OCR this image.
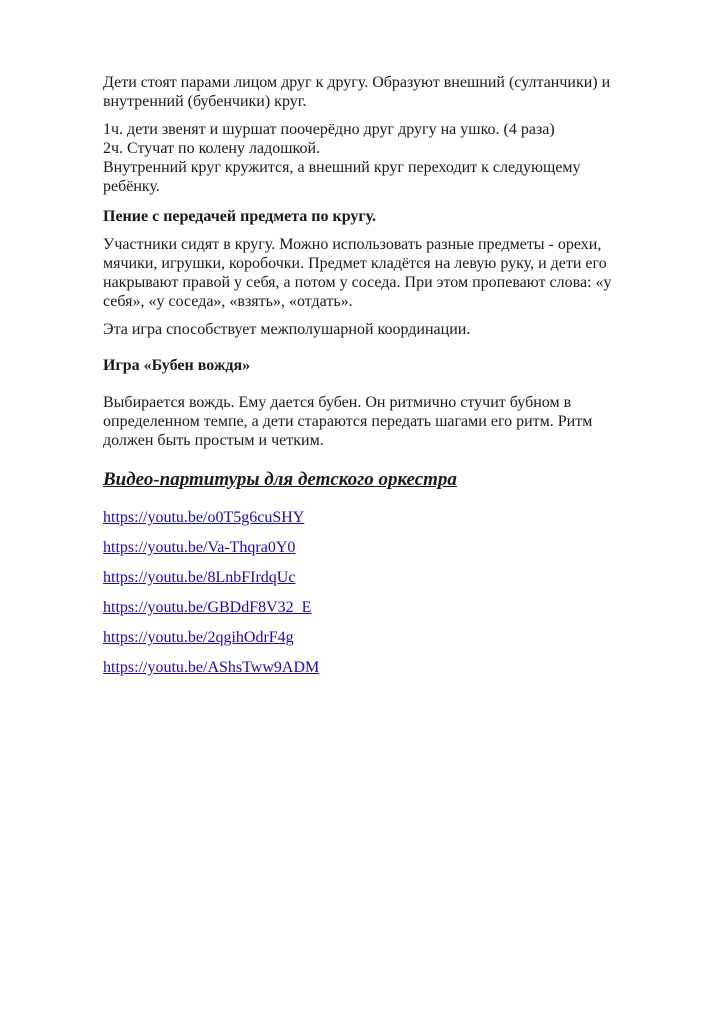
Дети стоят парами лицом друг к другу. Образуют внешний (султанчики) и
внутренний (бубенчики) круг.
1ч. дети звенят и шуршат поочерёдно друг другу на ушко. (4 раза)
2ч. Стучат по колену ладошкой.
Внутренний круг кружится, а внешний круг переходит к следующему
ребёнку.
Пение с передачей предмета по кругу.
Участники сидят в кругу. Можно использовать разные предметы - орехи,
мячики, игрушки, коробочки. Предмет кладётся на левую руку, и дети его
накрывают правой у себя, а потом у соседа. При этом пропевают слова: «у
себя», «у соседа», «взять», «отдать».
Эта игра способствует межполушарной координации.
Игра «Бубен вождя»
Выбирается вождь. Ему дается бубен. Он ритмично стучит бубном в
определенном темпе, а дети стараются передать шагами его ритм. Ритм
должен быть простым и четким.
Видео-партитуры для детского оркестра
https://youtu.be/o0T5g6cuSHY
https://youtu.be/Va-Thqra0Y0
https://youtu.be/8LnbFIrdqUc
https://youtu.be/GBDdF8V32_E
https://youtu.be/2qgihOdrF4g
https://youtu.be/AShsTww9ADM
